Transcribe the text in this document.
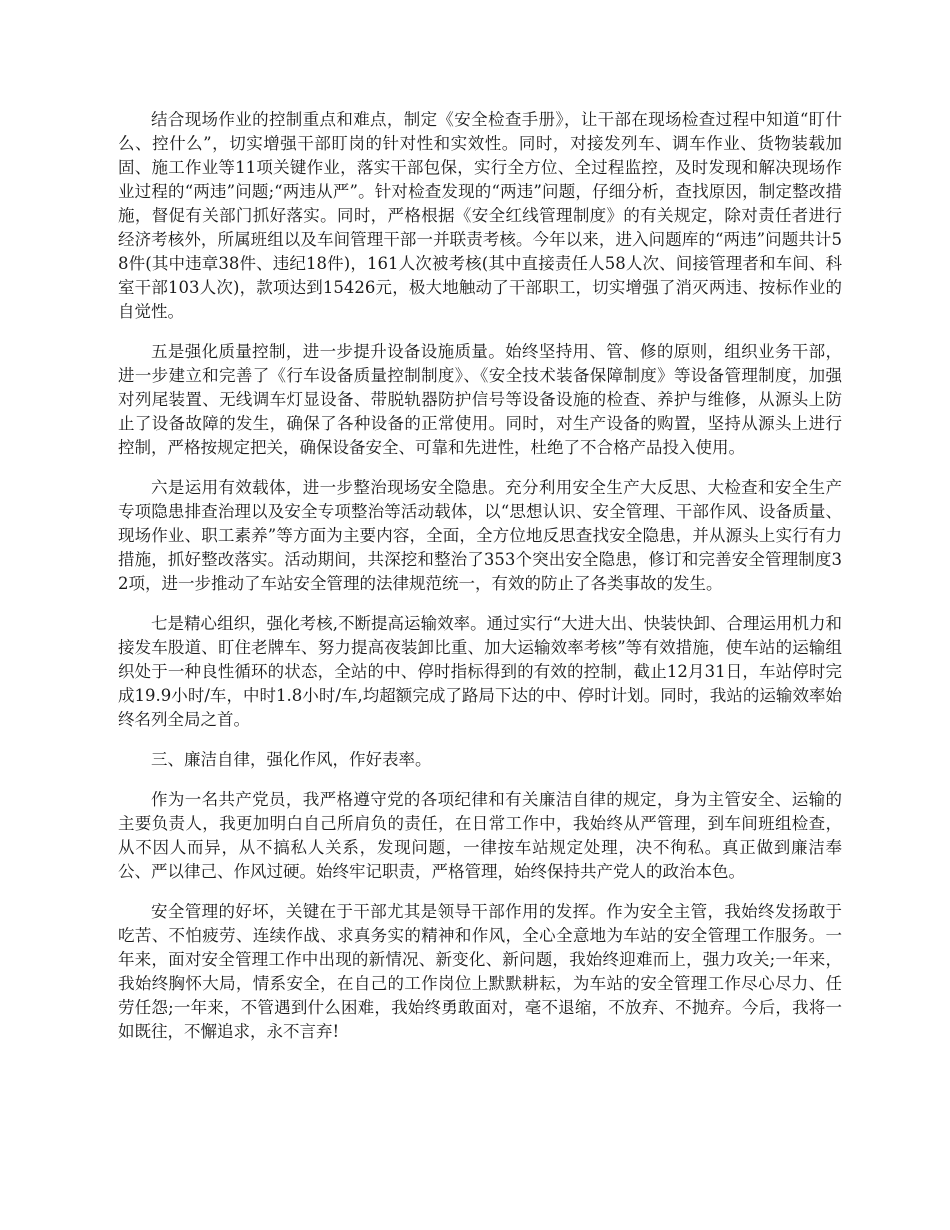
结合现场作业的控制重点和难点，制定《安全检查手册》，让干部在现场检查过程中知道“盯什么、控什么”，切实增强干部盯岗的针对性和实效性。同时，对接发列车、调车作业、货物装载加固、施工作业等11项关键作业，落实干部包保，实行全方位、全过程监控，及时发现和解决现场作业过程的“两违”问题;“两违从严”。针对检查发现的“两违”问题，仔细分析，查找原因，制定整改措施，督促有关部门抓好落实。同时，严格根据《安全红线管理制度》的有关规定，除对责任者进行经济考核外，所属班组以及车间管理干部一并联责考核。今年以来，进入问题库的“两违”问题共计58件(其中违章38件、违纪18件)，161人次被考核(其中直接责任人58人次、间接管理者和车间、科室干部103人次)，款项达到15426元，极大地触动了干部职工，切实增强了消灭两违、按标作业的自觉性。

五是强化质量控制，进一步提升设备设施质量。始终坚持用、管、修的原则，组织业务干部，进一步建立和完善了《行车设备质量控制制度》、《安全技术装备保障制度》等设备管理制度，加强对列尾装置、无线调车灯显设备、带脱轨器防护信号等设备设施的检查、养护与维修，从源头上防止了设备故障的发生，确保了各种设备的正常使用。同时，对生产设备的购置，坚持从源头上进行控制，严格按规定把关，确保设备安全、可靠和先进性，杜绝了不合格产品投入使用。

六是运用有效载体，进一步整治现场安全隐患。充分利用安全生产大反思、大检查和安全生产专项隐患排查治理以及安全专项整治等活动载体，以“思想认识、安全管理、干部作风、设备质量、现场作业、职工素养”等方面为主要内容，全面，全方位地反思查找安全隐患，并从源头上实行有力措施，抓好整改落实。活动期间，共深挖和整治了353个突出安全隐患，修订和完善安全管理制度32项，进一步推动了车站安全管理的法律规范统一，有效的防止了各类事故的发生。

七是精心组织，强化考核,不断提高运输效率。通过实行“大进大出、快装快卸、合理运用机力和接发车股道、盯住老牌车、努力提高夜装卸比重、加大运输效率考核”等有效措施，使车站的运输组织处于一种良性循环的状态，全站的中、停时指标得到的有效的控制，截止12月31日，车站停时完成19.9小时/车，中时1.8小时/车,均超额完成了路局下达的中、停时计划。同时，我站的运输效率始终名列全局之首。

三、廉洁自律，强化作风，作好表率。

作为一名共产党员，我严格遵守党的各项纪律和有关廉洁自律的规定，身为主管安全、运输的主要负责人，我更加明白自己所肩负的责任，在日常工作中，我始终从严管理，到车间班组检查，从不因人而异，从不搞私人关系，发现问题，一律按车站规定处理，决不徇私。真正做到廉洁奉公、严以律己、作风过硬。始终牢记职责，严格管理，始终保持共产党人的政治本色。

安全管理的好坏，关键在于干部尤其是领导干部作用的发挥。作为安全主管，我始终发扬敢于吃苦、不怕疲劳、连续作战、求真务实的精神和作风，全心全意地为车站的安全管理工作服务。一年来，面对安全管理工作中出现的新情况、新变化、新问题，我始终迎难而上，强力攻关;一年来，我始终胸怀大局，情系安全，在自己的工作岗位上默默耕耘，为车站的安全管理工作尽心尽力、任劳任怨;一年来，不管遇到什么困难，我始终勇敢面对，毫不退缩，不放弃、不抛弃。今后，我将一如既往，不懈追求，永不言弃!
